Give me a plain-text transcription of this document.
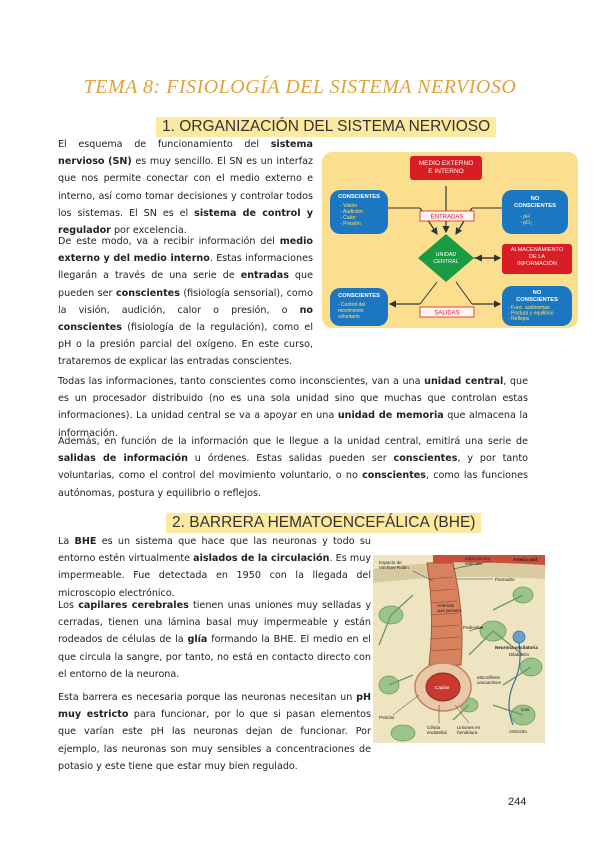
TEMA 8: FISIOLOGÍA DEL SISTEMA NERVIOSO
1. ORGANIZACIÓN DEL SISTEMA NERVIOSO
El esquema de funcionamiento del sistema nervioso (SN) es muy sencillo. El SN es un interfaz que nos permite conectar con el medio externo e interno, así como tomar decisiones y controlar todos los sistemas. El SN es el sistema de control y regulador por excelencia.
De este modo, va a recibir información del medio externo y del medio interno. Estas informaciones llegarán a través de una serie de entradas que pueden ser conscientes (fisiología sensorial), como la visión, audición, calor o presión, o no conscientes (fisiología de la regulación), como el pH o la presión parcial del oxígeno. En este curso, trataremos de explicar las entradas conscientes.
Todas las informaciones, tanto conscientes como inconscientes, van a una unidad central, que es un procesador distribuido (no es una sola unidad sino que muchas que controlan estas informaciones). La unidad central se va a apoyar en una unidad de memoria que almacena la información.
Además, en función de la información que le llegue a la unidad central, emitirá una serie de salidas de información u órdenes. Estas salidas pueden ser conscientes, y por tanto voluntarias, como el control del movimiento voluntario, o no conscientes, como las funciones autónomas, postura y equilibrio o reflejos.
MEDIO EXTERNO E INTERNO
CONSCIENTES
- Visión - Audición - Calor - Presión
ENTRADAS
NO CONSCIENTES
- pH - pO₂
UNIDAD CENTRAL
ALMACENAMIENTO DE LA INFORMACIÓN
CONSCIENTES
- Control del movimiento voluntario
SALIDAS
NO CONSCIENTES
- Func. autónomas - Postura y equilibrio - Reflejos
2. BARRERA HEMATOENCEFÁLICA (BHE)
La BHE es un sistema que hace que las neuronas y todo su entorno estén virtualmente aislados de la circulación. Es muy impermeable. Fue detectada en 1950 con la llegada del microscopio electrónico.
Los capilares cerebrales tienen unas uniones muy selladas y cerradas, tienen una lámina basal muy impermeable y están rodeados de células de la glía formando la BHE. El medio en el que circula la sangre, por tanto, no está en contacto directo con el entorno de la neurona.
Esta barrera es necesaria porque las neuronas necesitan un pH muy estricto para funcionar, por lo que si pasan elementos que varían este pH las neuronas dejan de funcionar. Por ejemplo, las neuronas son muy sensibles a concentraciones de potasio y este tiene que estar muy bien regulado.
Espacio de Virchow-Robin
Músculo liso vascular
Arteria pial
Piamadre
Arteriola que penetra
Pedicelos
Neurona oscilatoria
Dilatación
Microfiletes vasoactivos
Capilar
Pericito
Célula endotelial
Uniones en hendidura	Astrocito
Cav.
244
